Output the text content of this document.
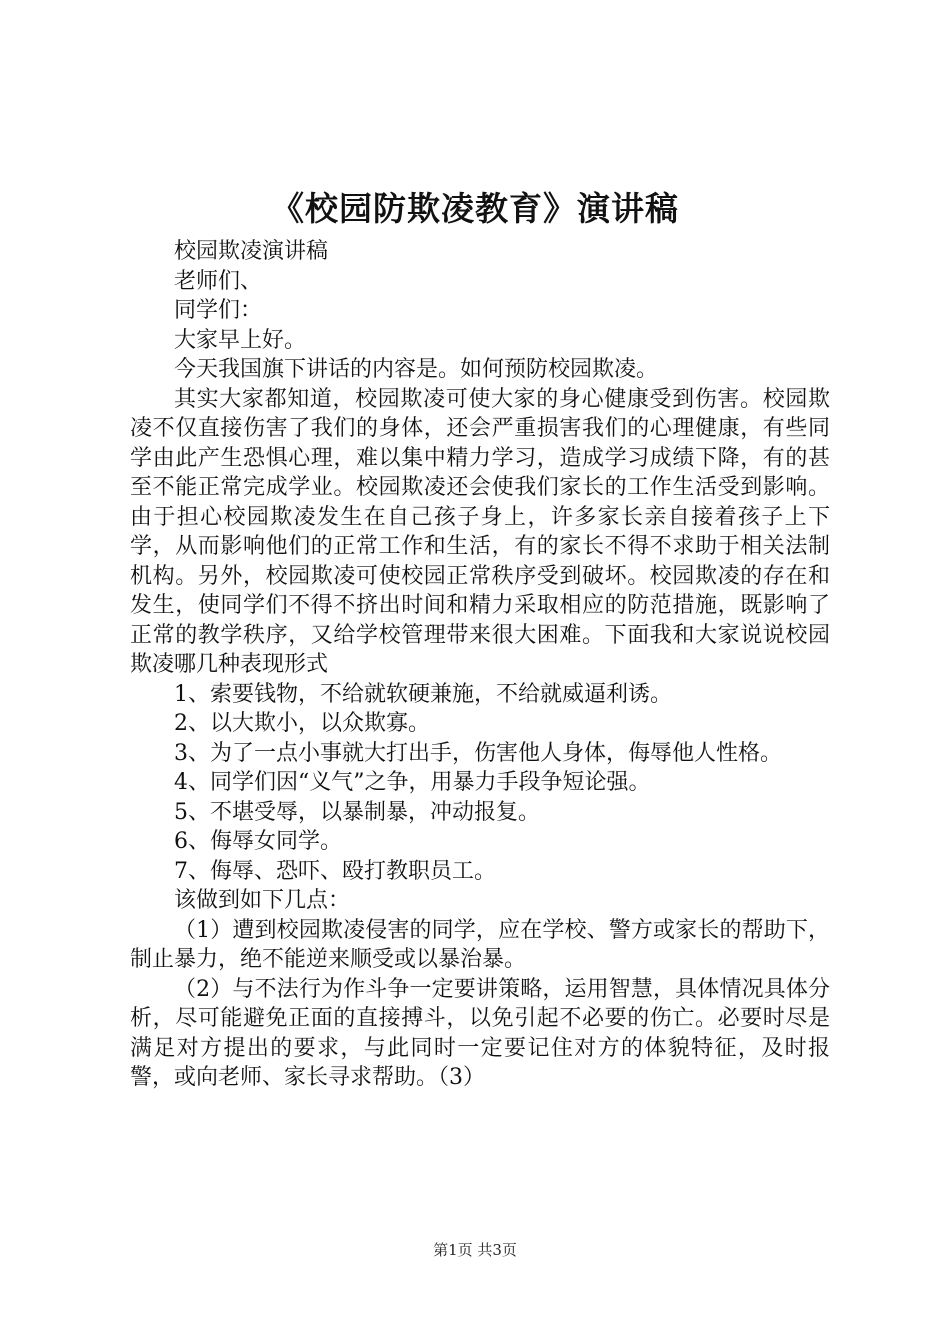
《校园防欺凌教育》演讲稿

校园欺凌演讲稿

老师们、

同学们：

大家早上好。

今天我国旗下讲话的内容是。如何预防校园欺凌。

其实大家都知道，校园欺凌可使大家的身心健康受到伤害。校园欺凌不仅直接伤害了我们的身体，还会严重损害我们的心理健康，有些同学由此产生恐惧心理，难以集中精力学习，造成学习成绩下降，有的甚至不能正常完成学业。校园欺凌还会使我们家长的工作生活受到影响。由于担心校园欺凌发生在自己孩子身上，许多家长亲自接着孩子上下学，从而影响他们的正常工作和生活，有的家长不得不求助于相关法制机构。另外，校园欺凌可使校园正常秩序受到破坏。校园欺凌的存在和发生，使同学们不得不挤出时间和精力采取相应的防范措施，既影响了正常的教学秩序，又给学校管理带来很大困难。下面我和大家说说校园欺凌哪几种表现形式

1、索要钱物，不给就软硬兼施，不给就威逼利诱。

2、以大欺小，以众欺寡。

3、为了一点小事就大打出手，伤害他人身体，侮辱他人性格。

4、同学们因“义气”之争，用暴力手段争短论强。

5、不堪受辱，以暴制暴，冲动报复。

6、侮辱女同学。

7、侮辱、恐吓、殴打教职员工。

该做到如下几点：

（1）遭到校园欺凌侵害的同学，应在学校、警方或家长的帮助下，制止暴力，绝不能逆来顺受或以暴治暴。

（2）与不法行为作斗争一定要讲策略，运用智慧，具体情况具体分析，尽可能避免正面的直接搏斗，以免引起不必要的伤亡。必要时尽是满足对方提出的要求，与此同时一定要记住对方的体貌特征，及时报警，或向老师、家长寻求帮助。（3）

第1页 共3页
